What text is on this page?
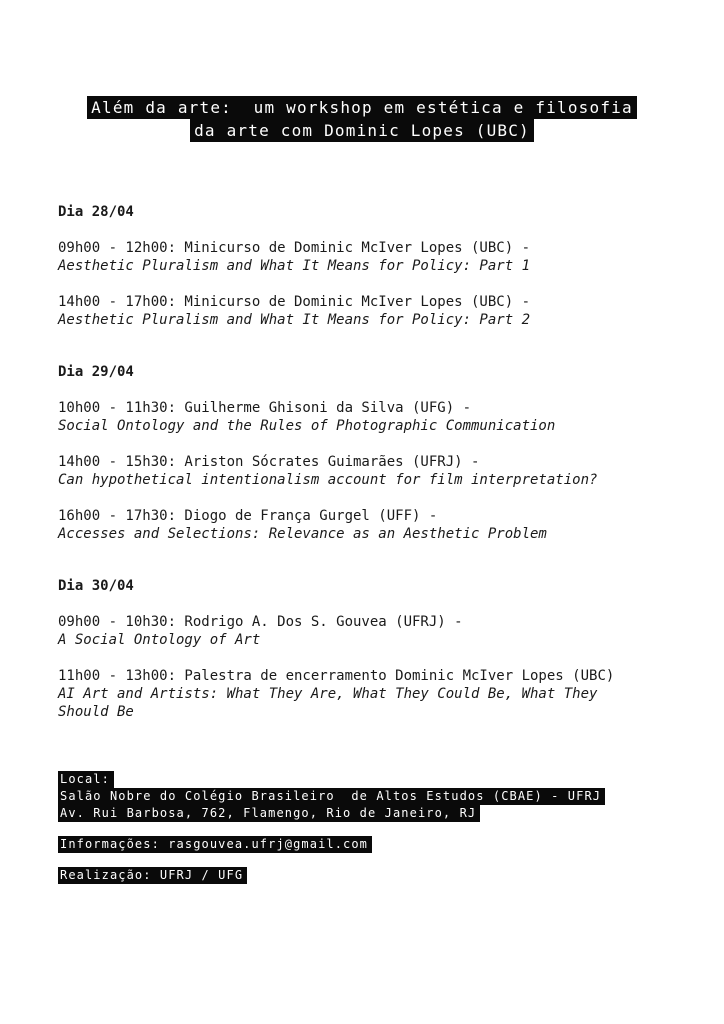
Além da arte:  um workshop em estética e filosofia
da arte com Dominic Lopes (UBC)

Dia 28/04

09h00 - 12h00: Minicurso de Dominic McIver Lopes (UBC) -
Aesthetic Pluralism and What It Means for Policy: Part 1
14h00 - 17h00: Minicurso de Dominic McIver Lopes (UBC) -
Aesthetic Pluralism and What It Means for Policy: Part 2

Dia 29/04

10h00 - 11h30: Guilherme Ghisoni da Silva (UFG) -
Social Ontology and the Rules of Photographic Communication
14h00 - 15h30: Ariston Sócrates Guimarães (UFRJ) -
Can hypothetical intentionalism account for film interpretation?
16h00 - 17h30: Diogo de França Gurgel (UFF) -
Accesses and Selections: Relevance as an Aesthetic Problem

Dia 30/04

09h00 - 10h30: Rodrigo A. Dos S. Gouvea (UFRJ) -
A Social Ontology of Art
11h00 - 13h00: Palestra de encerramento Dominic McIver Lopes (UBC)
AI Art and Artists: What They Are, What They Could Be, What They Should Be
Local:
Salão Nobre do Colégio Brasileiro  de Altos Estudos (CBAE) - UFRJ
Av. Rui Barbosa, 762, Flamengo, Rio de Janeiro, RJ
Informações: rasgouvea.ufrj@gmail.com
Realização: UFRJ / UFG
